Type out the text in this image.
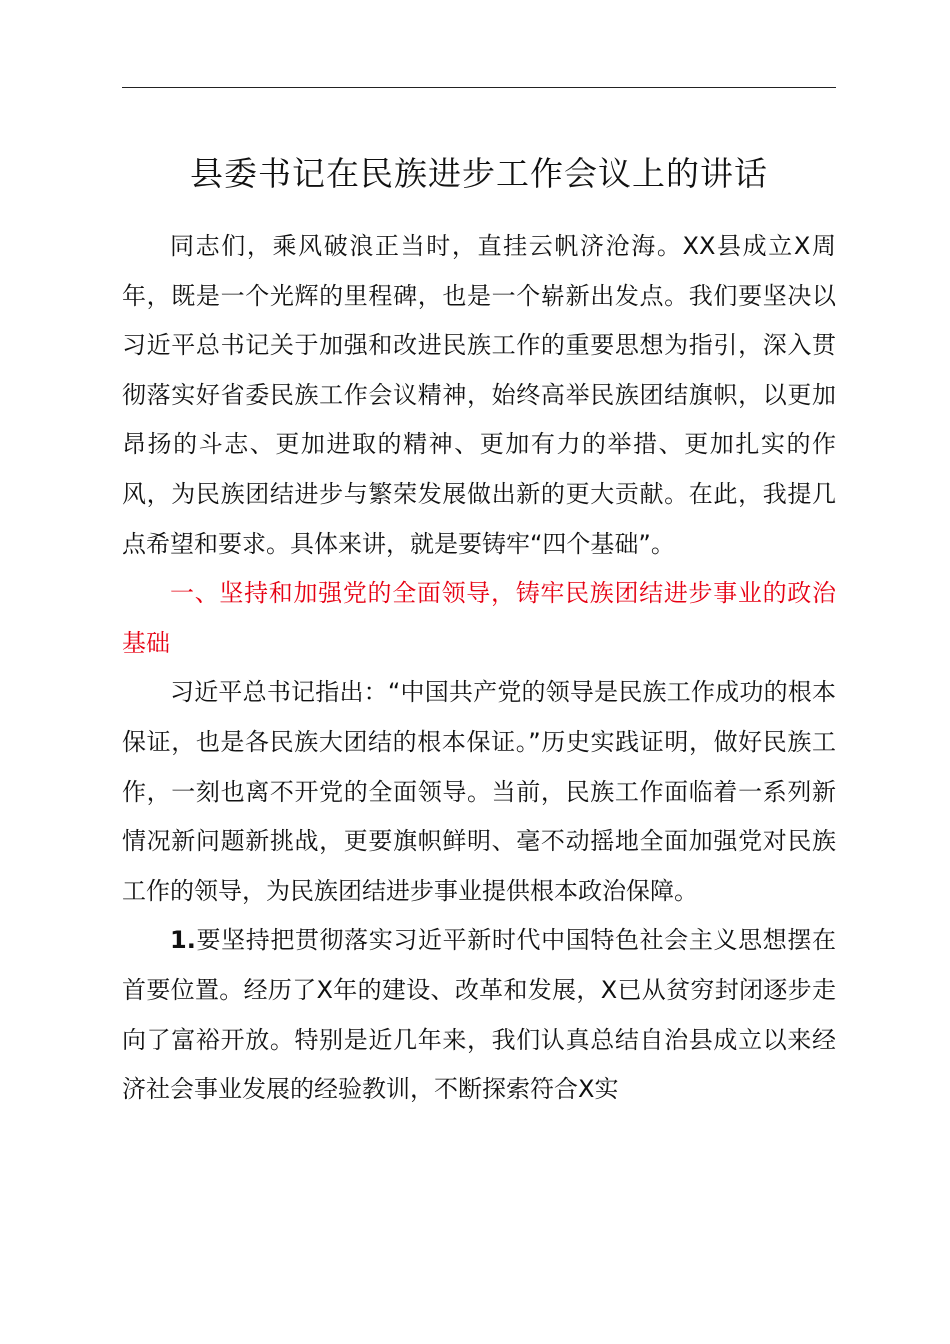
县委书记在民族进步工作会议上的讲话

同志们，乘风破浪正当时，直挂云帆济沧海。XX县成立X周年，既是一个光辉的里程碑，也是一个崭新出发点。我们要坚决以习近平总书记关于加强和改进民族工作的重要思想为指引，深入贯彻落实好省委民族工作会议精神，始终高举民族团结旗帜，以更加昂扬的斗志、更加进取的精神、更加有力的举措、更加扎实的作风，为民族团结进步与繁荣发展做出新的更大贡献。在此，我提几点希望和要求。具体来讲，就是要铸牢“四个基础”。

一、坚持和加强党的全面领导，铸牢民族团结进步事业的政治基础

习近平总书记指出：“中国共产党的领导是民族工作成功的根本保证，也是各民族大团结的根本保证。”历史实践证明，做好民族工作，一刻也离不开党的全面领导。当前，民族工作面临着一系列新情况新问题新挑战，更要旗帜鲜明、毫不动摇地全面加强党对民族工作的领导，为民族团结进步事业提供根本政治保障。

1.要坚持把贯彻落实习近平新时代中国特色社会主义思想摆在首要位置。经历了X年的建设、改革和发展，X已从贫穷封闭逐步走向了富裕开放。特别是近几年来，我们认真总结自治县成立以来经济社会事业发展的经验教训，不断探索符合X实
